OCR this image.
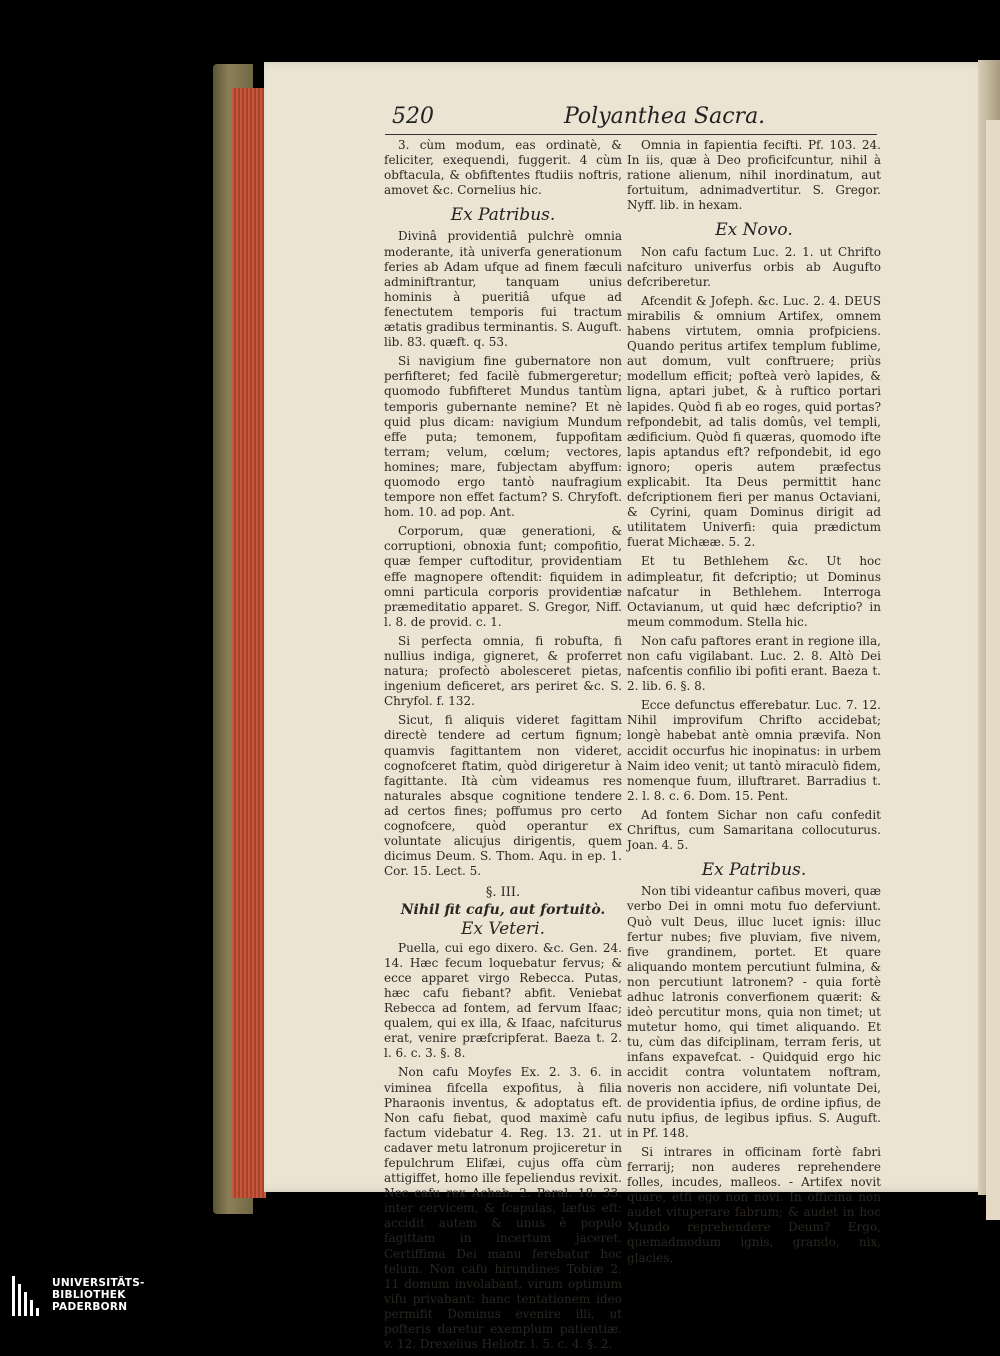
520	Polyanthea Sacra.

3. cùm modum, eas ordinatè, & feliciter, exequendi, fuggerit. 4 cùm obftacula, & obfiftentes ftudiis noftris, amovet &c. Cornelius hic.

Ex Patribus.

Divinâ providentiâ pulchrè omnia moderante, ità univerfa generationum feries ab Adam ufque ad finem fæculi adminiftrantur, tanquam unius hominis à pueritiâ ufque ad fenectutem temporis fui tractum ætatis gradibus terminantis. S. Auguft. lib. 83. quæft. q. 53.

Si navigium fine gubernatore non perfifteret; fed facilè fubmergeretur; quomodo fubfifteret Mundus tantùm temporis gubernante nemine? Et nè quid plus dicam: navigium Mundum effe puta; temonem, fuppofitam terram; velum, cœlum; vectores, homines; mare, fubjectam abyffum: quomodo ergo tantò naufragium tempore non effet factum? S. Chryfoft. hom. 10. ad pop. Ant.

Corporum, quæ generationi, & corruptioni, obnoxia funt; compofitio, quæ femper cuftoditur, providentiam effe magnopere oftendit: fiquidem in omni particula corporis providentiæ præmeditatio apparet. S. Gregor, Niff. l. 8. de provid. c. 1.

Si perfecta omnia, fi robufta, fi nullius indiga, gigneret, & proferret natura; profectò abolesceret pietas, ingenium deficeret, ars periret &c. S. Chryfol. f. 132.

Sicut, fi aliquis videret fagittam directè tendere ad certum fignum; quamvis fagittantem non videret, cognofceret ftatim, quòd dirigeretur à fagittante. Ità cùm videamus res naturales absque cognitione tendere ad certos fines; poffumus pro certo cognofcere, quòd operantur ex voluntate alicujus dirigentis, quem dicimus Deum. S. Thom. Aqu. in ep. 1. Cor. 15. Lect. 5.

§. III.
Nihil fit cafu, aut fortuitò.
Ex Veteri.

Puella, cui ego dixero. &c. Gen. 24. 14. Hæc fecum loquebatur fervus; & ecce apparet virgo Rebecca. Putas, hæc cafu fiebant? abfit. Veniebat Rebecca ad fontem, ad fervum Ifaac; qualem, qui ex illa, & Ifaac, nafciturus erat, venire præfcripferat. Baeza t. 2. l. 6. c. 3. §. 8.

Non cafu Moyfes Ex. 2. 3. 6. in viminea fifcella expofitus, à filia Pharaonis inventus, & adoptatus eft. Non cafu fiebat, quod maximè cafu factum videbatur 4. Reg. 13. 21. ut cadaver metu latronum projiceretur in fepulchrum Elifæi, cujus offa cùm attigiffet, homo ille fepeliendus revixit. Nec cafu rex Achab. 2. Paral. 18. 33. inter cervicem, & fcapulas, læfus eft: accidit autem & unus è populo fagittam in incertum jaceret. Certiffima Dei manu ferebatur hoc telum. Non cafu hirundines Tobiæ 2. 11 domum involabant, virum optimum vifu privabant: hanc tentationem ideo permifit Dominus evenire illi, ut pofteris daretur exemplum patientiæ. v. 12. Drexelius Heliotr. l. 5. c. 4. §. 2.

Omnia in fapientia fecifti. Pf. 103. 24. In iis, quæ à Deo proficifcuntur, nihil à ratione alienum, nihil inordinatum, aut fortuitum, adnimadvertitur. S. Gregor. Nyff. lib. in hexam.

Ex Novo.

Non cafu factum Luc. 2. 1. ut Chrifto nafcituro univerfus orbis ab Augufto defcriberetur.

Afcendit & Jofeph. &c. Luc. 2. 4. DEUS mirabilis & omnium Artifex, omnem habens virtutem, omnia profpiciens. Quando peritus artifex templum fublime, aut domum, vult conftruere; priùs modellum efficit; pofteà verò lapides, & ligna, aptari jubet, & à ruftico portari lapides. Quòd fi ab eo roges, quid portas? refpondebit, ad talis domûs, vel templi, ædificium. Quòd fi quæras, quomodo ifte lapis aptandus eft? refpondebit, id ego ignoro; operis autem præfectus explicabit. Ita Deus permittit hanc defcriptionem fieri per manus Octaviani, & Cyrini, quam Dominus dirigit ad utilitatem Univerfi: quia prædictum fuerat Michææ. 5. 2.

Et tu Bethlehem &c. Ut hoc adimpleatur, fit defcriptio; ut Dominus nafcatur in Bethlehem. Interroga Octavianum, ut quid hæc defcriptio? in meum commodum. Stella hic.

Non cafu paftores erant in regione illa, non cafu vigilabant. Luc. 2. 8. Altò Dei nafcentis confilio ibi pofiti erant. Baeza t. 2. lib. 6. §. 8.

Ecce defunctus efferebatur. Luc. 7. 12. Nihil improvifum Chrifto accidebat; longè habebat antè omnia prævifa. Non accidit occurfus hic inopinatus: in urbem Naim ideo venit; ut tantò miraculò fidem, nomenque fuum, illuftraret. Barradius t. 2. l. 8. c. 6. Dom. 15. Pent.

Ad fontem Sichar non cafu confedit Chriftus, cum Samaritana collocuturus. Joan. 4. 5.

Ex Patribus.

Non tibi videantur cafibus moveri, quæ verbo Dei in omni motu fuo deferviunt. Quò vult Deus, illuc lucet ignis: illuc fertur nubes; five pluviam, five nivem, five grandinem, portet. Et quare aliquando montem percutiunt fulmina, & non percutiunt latronem? - quia fortè adhuc latronis converfionem quærit: & ideò percutitur mons, quia non timet; ut mutetur homo, qui timet aliquando. Et tu, cùm das difciplinam, terram feris, ut infans expavefcat. - Quidquid ergo hic accidit contra voluntatem noftram, noveris non accidere, nifi voluntate Dei, de providentia ipfius, de ordine ipfius, de nutu ipfius, de legibus ipfius. S. Auguft. in Pf. 148.

Si intrares in officinam fortè fabri ferrarij; non auderes reprehendere folles, incudes, malleos. - Artifex novit quare, etfi ego non novi. In officina non audet vituperare fabrum; & audet in hoc Mundo reprehendere Deum? Ergo, quemadmodum ignis, grando, nix, glacies,

UNIVERSITÄTS-
BIBLIOTHEK
PADERBORN
